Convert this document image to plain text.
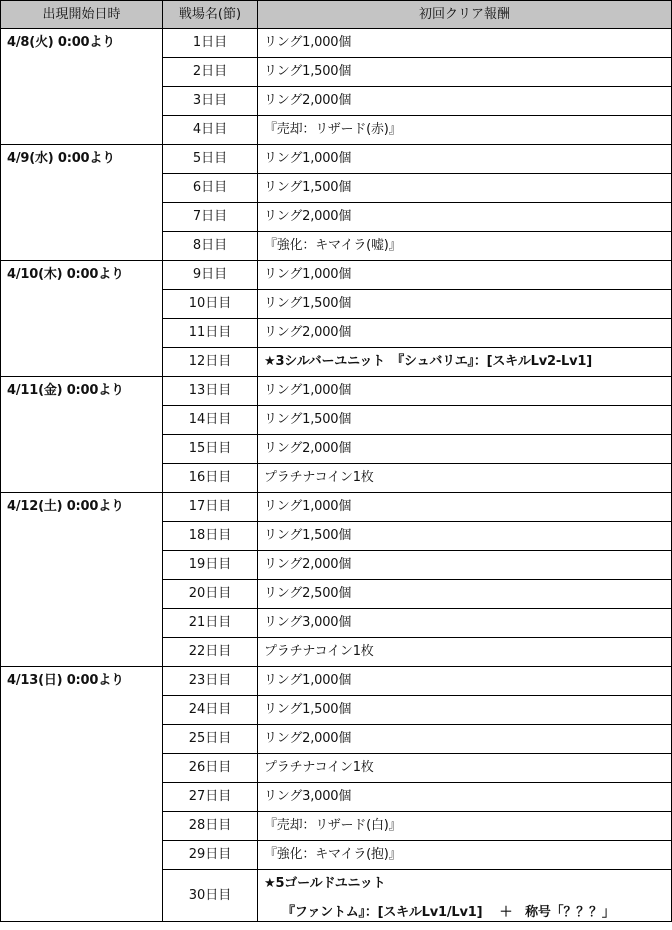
出現開始日時	戦場名(節)	初回クリア報酬
4/8(火) 0:00より	1日目	リング1,000個
	2日目	リング1,500個
	3日目	リング2,000個
	4日目	『売却：リザード(赤)』
4/9(水) 0:00より	5日目	リング1,000個
	6日目	リング1,500個
	7日目	リング2,000個
	8日目	『強化：キマイラ(嘘)』
4/10(木) 0:00より	9日目	リング1,000個
	10日目	リング1,500個
	11日目	リング2,000個
	12日目	★3シルバーユニット　『シュバリエ』：[スキルLv2-Lv1]
4/11(金) 0:00より	13日目	リング1,000個
	14日目	リング1,500個
	15日目	リング2,000個
	16日目	プラチナコイン1枚
4/12(土) 0:00より	17日目	リング1,000個
	18日目	リング1,500個
	19日目	リング2,000個
	20日目	リング2,500個
	21日目	リング3,000個
	22日目	プラチナコイン1枚
4/13(日) 0:00より	23日目	リング1,000個
	24日目	リング1,500個
	25日目	リング2,000個
	26日目	プラチナコイン1枚
	27日目	リング3,000個
	28日目	『売却：リザード(白)』
	29日目	『強化：キマイラ(抱)』
	30日目	★5ゴールドユニット
『ファントム』：[スキルLv1/Lv1]　 ＋　称号「？？？」
